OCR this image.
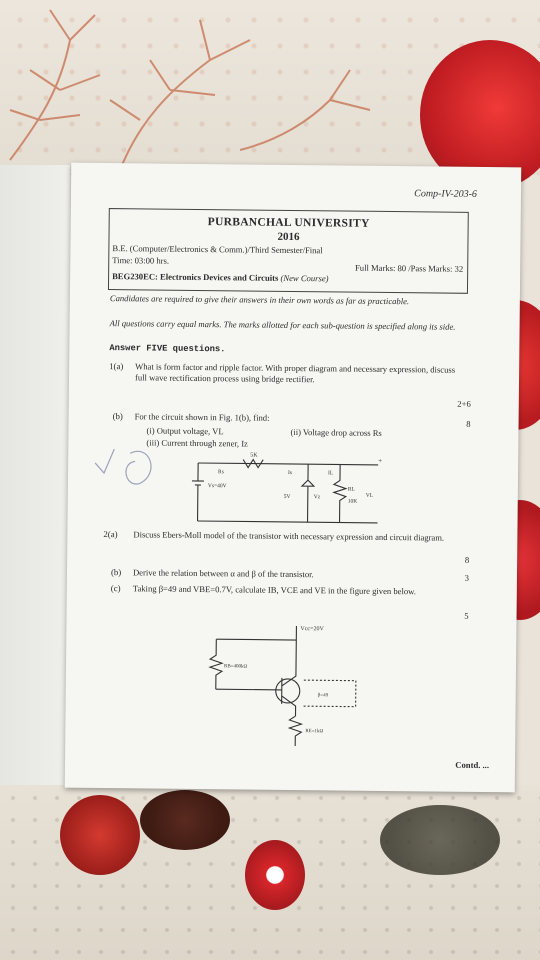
Comp-IV-203-6
PURBANCHAL UNIVERSITY
2016
B.E. (Computer/Electronics & Comm.)/Third Semester/Final
Time: 03:00 hrs.
Full Marks: 80 /Pass Marks: 32
BEG230EC: Electronics Devices and Circuits (New Course)
Candidates are required to give their answers in their own words as far as practicable.
All questions carry equal marks. The marks allotted for each sub-question is specified along its side.
Answer FIVE questions.
1(a) What is form factor and ripple factor. With proper diagram and necessary expression, discuss full wave rectification process using bridge rectifier.
2+6
(b) For the circuit shown in Fig. 1(b), find:
8
(i) Output voltage, VL	(ii) Voltage drop across Rs
(iii) Current through zener, Iz
5K
Rs	Is	IL
5V	Vz
RL
10K
VL
Vs=40V
+
2(a) Discuss Ebers-Moll model of the transistor with necessary expression and circuit diagram.
8
(b) Derive the relation between α and β of the transistor.	3
(c) Taking β=49 and VBE=0.7V, calculate IB, VCE and VE in the figure given below.
5
Vcc=20V
RB=400kΩ
β=49
RE=1kΩ
Contd. ...
